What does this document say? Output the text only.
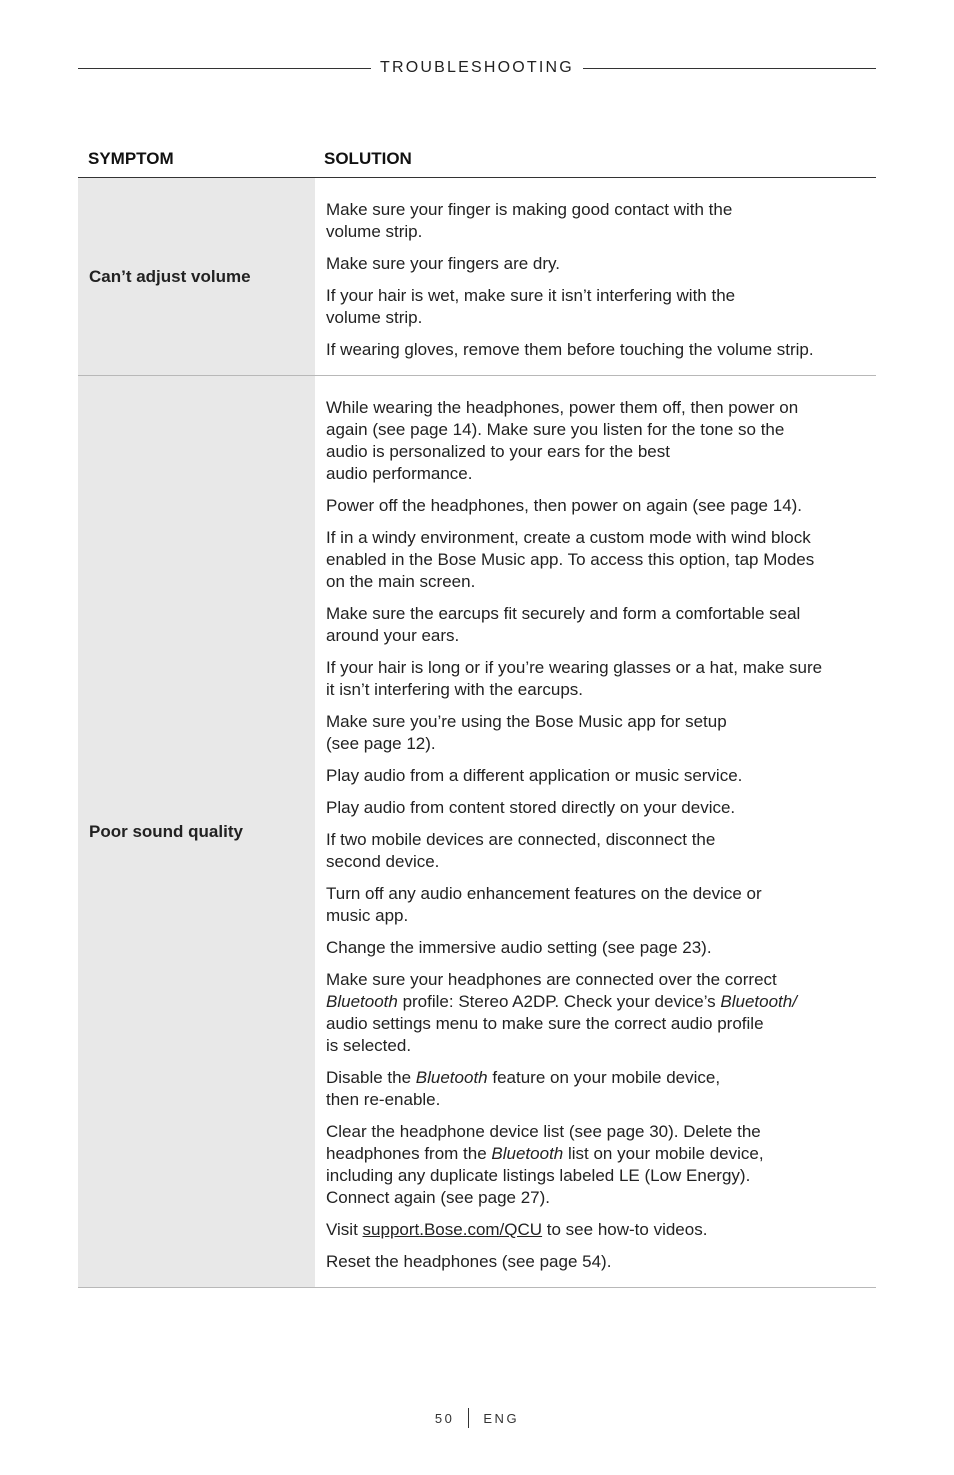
TROUBLESHOOTING
SYMPTOM	SOLUTION
Can’t adjust volume

Make sure your finger is making good contact with the
volume strip.

Make sure your fingers are dry.

If your hair is wet, make sure it isn’t interfering with the
volume strip.

If wearing gloves, remove them before touching the volume strip.

Poor sound quality

While wearing the headphones, power them off, then power on
again (see page 14). Make sure you listen for the tone so the
audio is personalized to your ears for the best
audio performance.

Power off the headphones, then power on again (see page 14).

If in a windy environment, create a custom mode with wind block
enabled in the Bose Music app. To access this option, tap Modes
on the main screen.

Make sure the earcups fit securely and form a comfortable seal
around your ears.

If your hair is long or if you’re wearing glasses or a hat, make sure
it isn’t interfering with the earcups.

Make sure you’re using the Bose Music app for setup
(see page 12).

Play audio from a different application or music service.

Play audio from content stored directly on your device.

If two mobile devices are connected, disconnect the
second device.

Turn off any audio enhancement features on the device or
music app.

Change the immersive audio setting (see page 23).

Make sure your headphones are connected over the correct
Bluetooth profile: Stereo A2DP. Check your device’s Bluetooth/
audio settings menu to make sure the correct audio profile
is selected.

Disable the Bluetooth feature on your mobile device,
then re-enable.

Clear the headphone device list (see page 30). Delete the
headphones from the Bluetooth list on your mobile device,
including any duplicate listings labeled LE (Low Energy).
Connect again (see page 27).

Visit support.Bose.com/QCU to see how-to videos.

Reset the headphones (see page 54).

50 ENG
